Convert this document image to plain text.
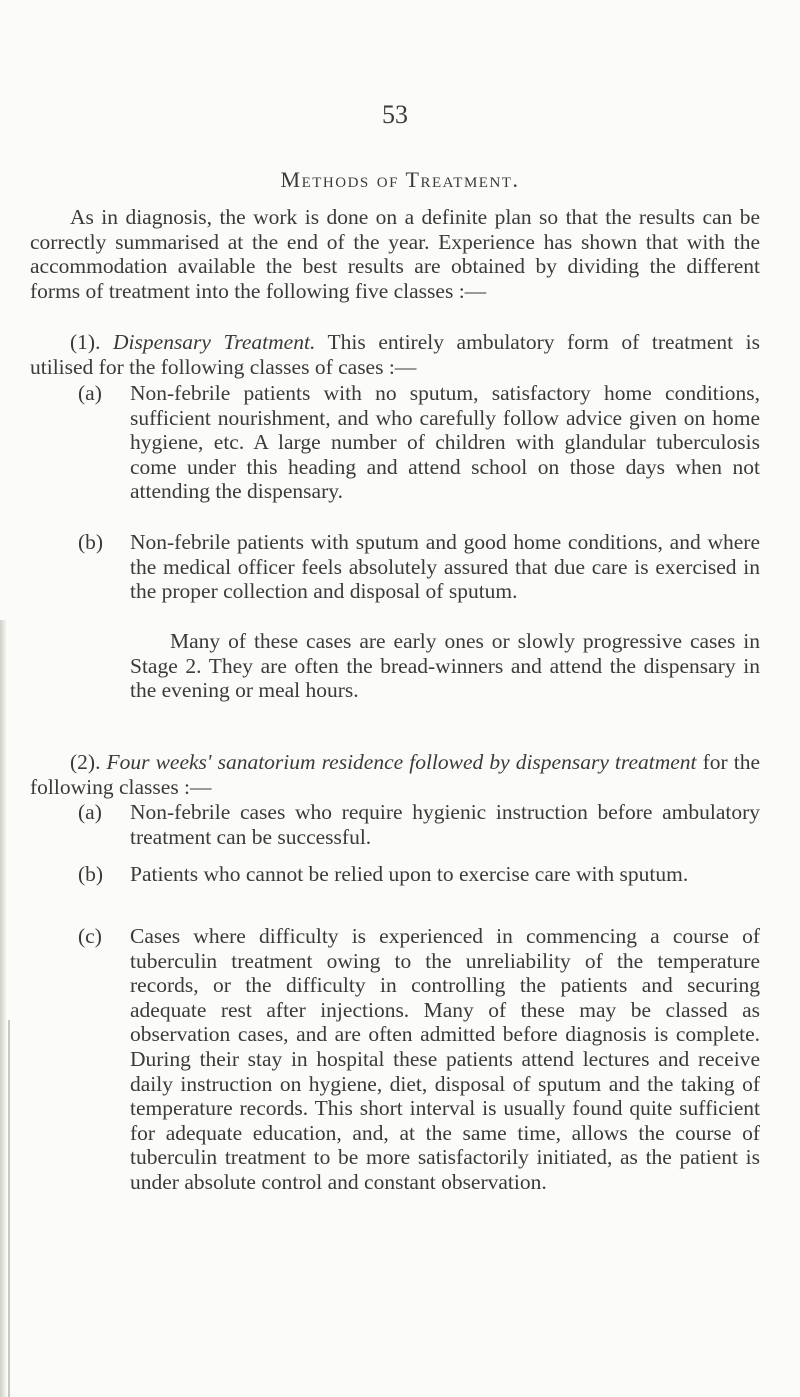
53
Methods of Treatment.
As in diagnosis, the work is done on a definite plan so that the results can be correctly summarised at the end of the year. Experience has shown that with the accommodation available the best results are obtained by dividing the different forms of treatment into the following five classes :—
(1). Dispensary Treatment. This entirely ambulatory form of treatment is utilised for the following classes of cases :—
(a) Non-febrile patients with no sputum, satisfactory home conditions, sufficient nourishment, and who carefully follow advice given on home hygiene, etc. A large number of children with glandular tuberculosis come under this heading and attend school on those days when not attending the dispensary.
(b) Non-febrile patients with sputum and good home conditions, and where the medical officer feels absolutely assured that due care is exercised in the proper collection and disposal of sputum.
Many of these cases are early ones or slowly progressive cases in Stage 2. They are often the bread-winners and attend the dispensary in the evening or meal hours.
(2). Four weeks' sanatorium residence followed by dispensary treatment for the following classes :—
(a) Non-febrile cases who require hygienic instruction before ambulatory treatment can be successful.
(b) Patients who cannot be relied upon to exercise care with sputum.
(c) Cases where difficulty is experienced in commencing a course of tuberculin treatment owing to the unreliability of the temperature records, or the difficulty in controlling the patients and securing adequate rest after injections. Many of these may be classed as observation cases, and are often admitted before diagnosis is complete. During their stay in hospital these patients attend lectures and receive daily instruction on hygiene, diet, disposal of sputum and the taking of temperature records. This short interval is usually found quite sufficient for adequate education, and, at the same time, allows the course of tuberculin treatment to be more satisfactorily initiated, as the patient is under absolute control and constant observation.
